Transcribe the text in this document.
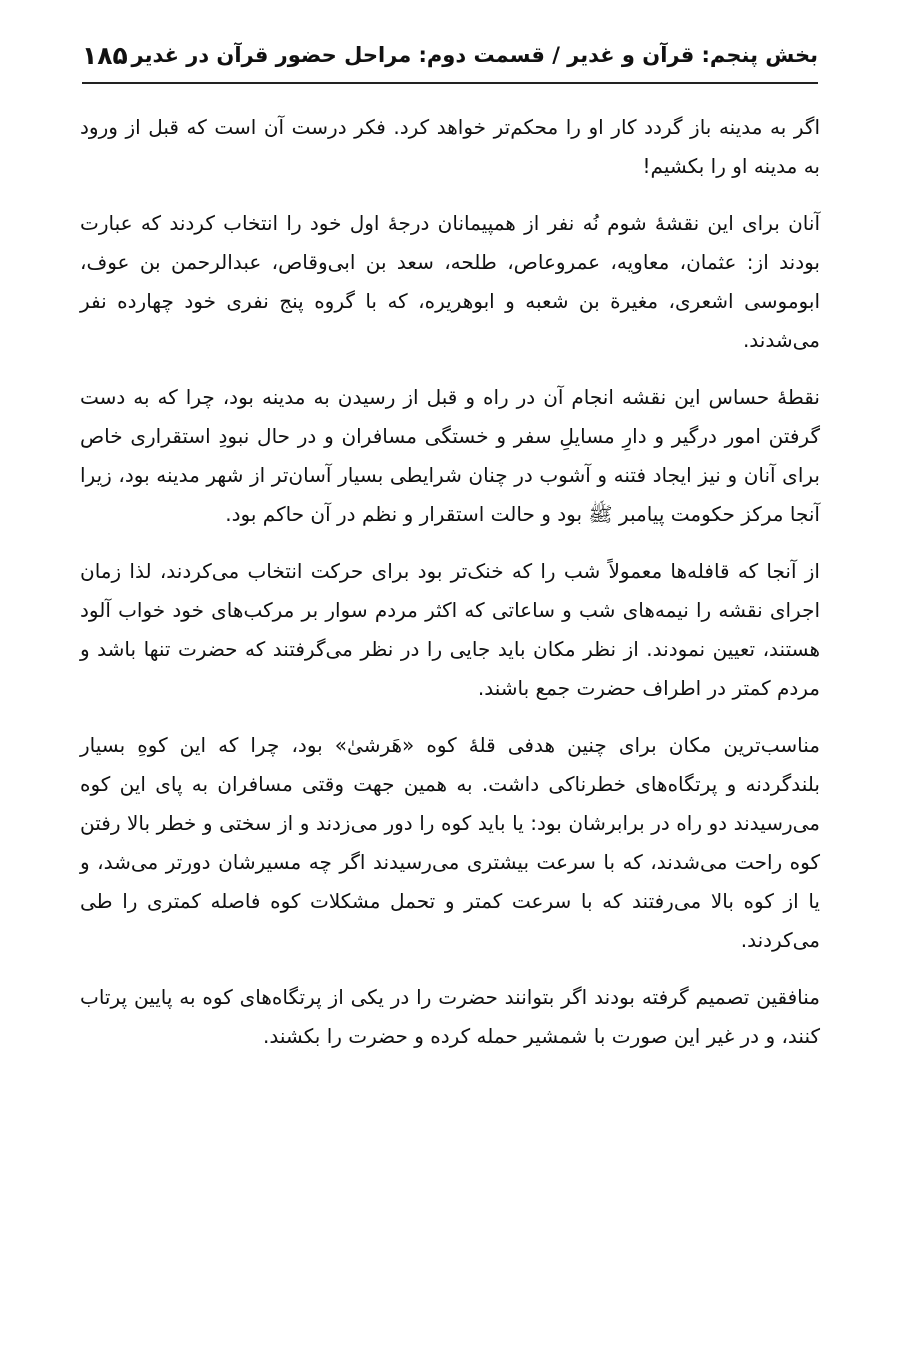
بخش پنجم: قرآن و غدیر / قسمت دوم: مراحل حضور قرآن در غدیر
۱۸۵

اگر به مدینه باز گردد کار او را محکم‌تر خواهد کرد. فکر درست آن است که قبل از ورود به مدینه او را بکشیم!

آنان برای این نقشهٔ شوم نُه نفر از همپیمانان درجهٔ اول خود را انتخاب کردند که عبارت بودند از: عثمان، معاویه، عمروعاص، طلحه، سعد بن ابی‌وقاص، عبدالرحمن بن عوف، ابوموسی اشعری، مغیرة بن شعبه و ابوهریره، که با گروه پنج نفری خود چهارده نفر می‌شدند.

نقطهٔ حساس این نقشه انجام آن در راه و قبل از رسیدن به مدینه بود، چرا که به دست گرفتن امور درگیر و دارِ مسایلِ سفر و خستگی مسافران و در حال نبودِ استقراری خاص برای آنان و نیز ایجاد فتنه و آشوب در چنان شرایطی بسیار آسان‌تر از شهر مدینه بود، زیرا آنجا مرکز حکومت پیامبر ﷺ بود و حالت استقرار و نظم در آن حاکم بود.

از آنجا که قافله‌ها معمولاً شب را که خنک‌تر بود برای حرکت انتخاب می‌کردند، لذا زمان اجرای نقشه را نیمه‌های شب و ساعاتی که اکثر مردم سوار بر مرکب‌های خود خواب آلود هستند، تعیین نمودند. از نظر مکان باید جایی را در نظر می‌گرفتند که حضرت تنها باشد و مردم کمتر در اطراف حضرت جمع باشند.

مناسب‌ترین مکان برای چنین هدفی قلهٔ کوه «هَرشیٰ» بود، چرا که این کوهِ بسیار بلندگردنه و پرتگاه‌های خطرناکی داشت. به همین جهت وقتی مسافران به پای این کوه می‌رسیدند دو راه در برابرشان بود: یا باید کوه را دور می‌زدند و از سختی و خطر بالا رفتن کوه راحت می‌شدند، که با سرعت بیشتری می‌رسیدند اگر چه مسیرشان دورتر می‌شد، و یا از کوه بالا می‌رفتند که با سرعت کمتر و تحمل مشکلات کوه فاصله کمتری را طی می‌کردند.

منافقین تصمیم گرفته بودند اگر بتوانند حضرت را در یکی از پرتگاه‌های کوه به پایین پرتاب کنند، و در غیر این صورت با شمشیر حمله کرده و حضرت را بکشند.
